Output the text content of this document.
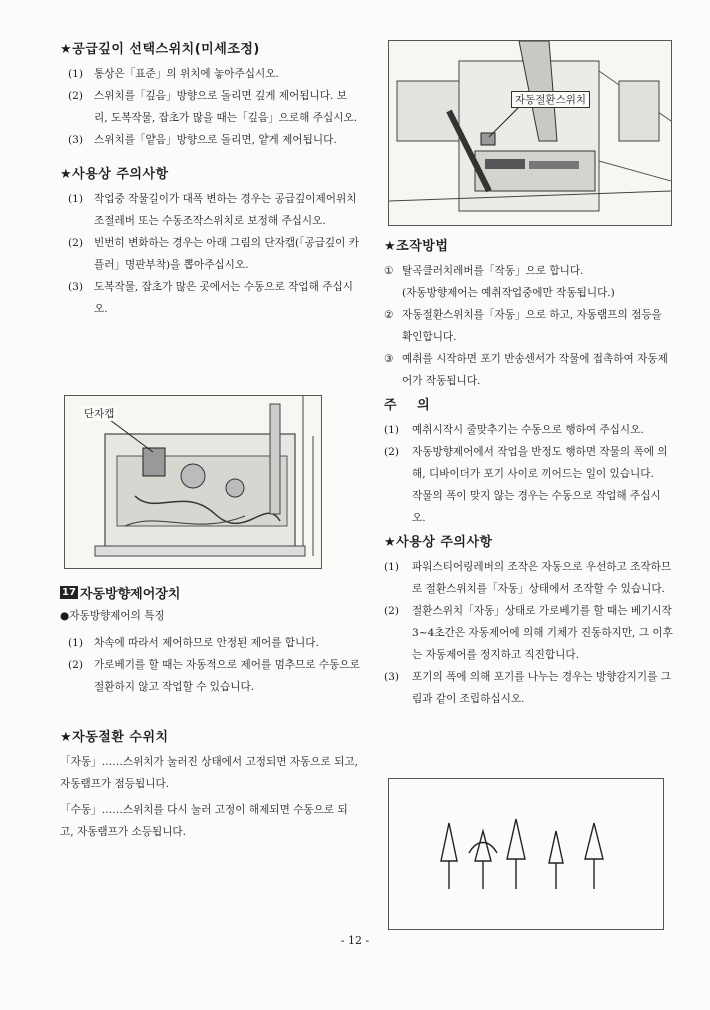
★공급깊이 선택스위치(미세조정)

(1) 통상은「표준」의 위치에 놓아주십시오.

(2) 스위치를「깊음」방향으로 돌리면 깊게 제어됩니다. 보리, 도복작물, 잡초가 많을 때는「깊음」으로해 주십시오.

(3) 스위치를「얕음」방향으로 돌리면, 얕게 제어됩니다.

★사용상 주의사항

(1) 작업중 작물길이가 대폭 변하는 경우는 공급깊이제어위치 조절레버 또는 수동조작스위치로 보정해 주십시오.

(2) 빈번히 변화하는 경우는 아래 그림의 단자캡(「공급깊이 카플러」명판부착)을 뽑아주십시오.

(3) 도복작물, 잡초가 많은 곳에서는 수동으로 작업해 주십시오.

단자캡
17 자동방향제어장치

●자동방향제어의 특징

(1) 차속에 따라서 제어하므로 안정된 제어를 합니다.

(2) 가로베기를 할 때는 자동적으로 제어를 멈추므로 수동으로 절환하지 않고 작업할 수 있습니다.

★자동절환 수위치

「자동」……스위치가 눌러진 상태에서 고정되면 자동으로 되고, 자동램프가 점등됩니다.

「수동」……스위치를 다시 눌러 고정이 해제되면 수동으로 되고, 자동램프가 소등됩니다.

자동절환스위치
★조작방법

① 탈곡클러치레버를「작동」으로 합니다.

(자동방향제어는 예취작업중에만 작동됩니다.)

② 자동절환스위치를「자동」으로 하고, 자동램프의 점등을 확인합니다.

③ 예취를 시작하면 포기 반송센서가 작물에 접촉하여 자동제어가 작동됩니다.

주    의

(1) 예취시작시 줄맞추기는 수동으로 행하여 주십시오.

(2) 자동방향제어에서 작업을 반정도 행하면 작물의 폭에 의해, 디바이더가 포기 사이로 끼어드는 일이 있습니다.

작물의 폭이 맞지 않는 경우는 수동으로 작업해 주십시오.

★사용상 주의사항

(1) 파워스티어링레버의 조작은 자동으로 우선하고 조작하므로 절환스위치를「자동」상태에서 조작할 수 있습니다.

(2) 절환스위치「자동」상태로 가로베기를 할 때는 베기시작 3~4초간은 자동제어에 의해 기체가 진동하지만, 그 이후는 자동제어를 정지하고 직진합니다.

(3) 포기의 폭에 의해 포기를 나누는 경우는 방향감지기를 그림과 같이 조립하십시오.

- 12 -
